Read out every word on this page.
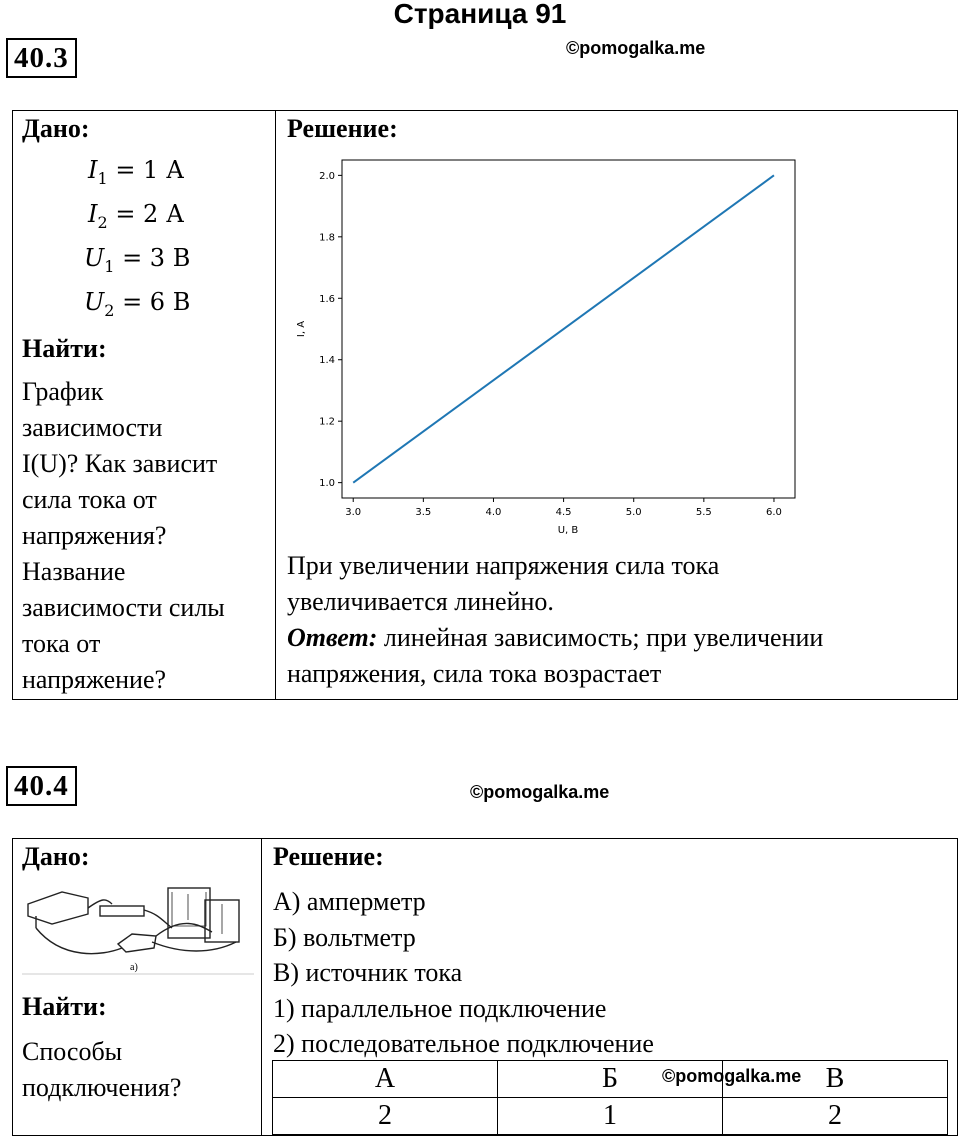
Страница 91
40.3	©pomogalka.me
Дано:
$I_1 = 1$ А
$I_2 = 2$ А
$U_1 = 3$ В
$U_2 = 6$ В
Найти:
График
зависимости
I(U)? Как зависит
сила тока от
напряжения?
Название
зависимости силы
тока от
напряжение?
Решение:
3.0	3.5	4.0	4.5	5.0	5.5	6.0
1.0
1.2
1.4
1.6
1.8
2.0
U, B
I, A
При увеличении напряжения сила тока
увеличивается линейно.
Ответ: линейная зависимость; при увеличении
напряжения, сила тока возрастает
40.4	©pomogalka.me
Дано:
а)
Найти:
Способы
подключения?
Решение:
А) амперметр
Б) вольтметр
В) источник тока
1) параллельное подключение
2) последовательное подключение
А	Б	В
2	1	2
©pomogalka.me
